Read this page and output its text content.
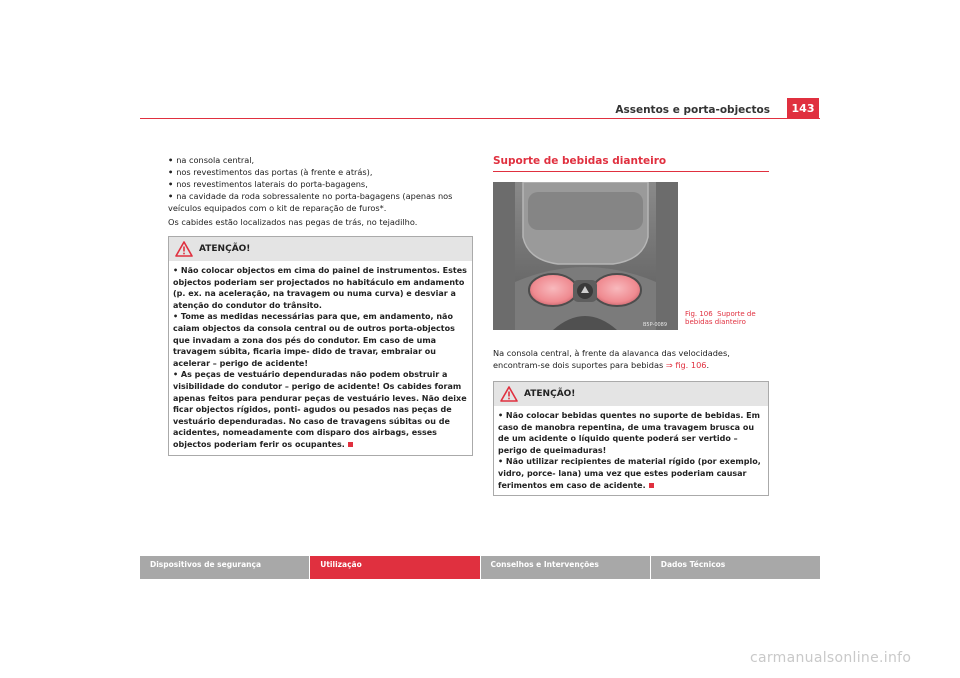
Assentos e porta-objectos	143
• na consola central,
• nos revestimentos das portas (à frente e atrás),
• nos revestimentos laterais do porta-bagagens,
• na cavidade da roda sobressalente no porta-bagagens (apenas nos veículos equipados com o kit de reparação de furos*.

Os cabides estão localizados nas pegas de trás, no tejadilho.

ATENÇÃO!
• Não colocar objectos em cima do painel de instrumentos. Estes objectos poderiam ser projectados no habitáculo em andamento (p. ex. na aceleração, na travagem ou numa curva) e desviar a atenção do condutor do trânsito.
• Tome as medidas necessárias para que, em andamento, não caiam objectos da consola central ou de outros porta-objectos que invadam a zona dos pés do condutor. Em caso de uma travagem súbita, ficaria impe- dido de travar, embraiar ou acelerar – perigo de acidente!
• As peças de vestuário dependuradas não podem obstruir a visibilidade do condutor – perigo de acidente! Os cabides foram apenas feitos para pendurar peças de vestuário leves. Não deixe ficar objectos rígidos, ponti- agudos ou pesados nas peças de vestuário dependuradas. No caso de travagens súbitas ou de acidentes, nomeadamente com disparo dos airbags, esses objectos poderiam ferir os ocupantes.
Suporte de bebidas dianteiro
B5P-0089

Na consola central, à frente da alavanca das velocidades, encontram-se dois suportes para bebidas ⇒ fig. 106.

ATENÇÃO!
• Não colocar bebidas quentes no suporte de bebidas. Em caso de manobra repentina, de uma travagem brusca ou de um acidente o líquido quente poderá ser vertido – perigo de queimaduras!
• Não utilizar recipientes de material rígido (por exemplo, vidro, porce- lana) uma vez que estes poderiam causar ferimentos em caso de acidente.
Fig. 106 Suporte de bebidas dianteiro
Dispositivos de segurança	Utilização	Conselhos e Intervenções	Dados Técnicos
carmanualsonline.info
